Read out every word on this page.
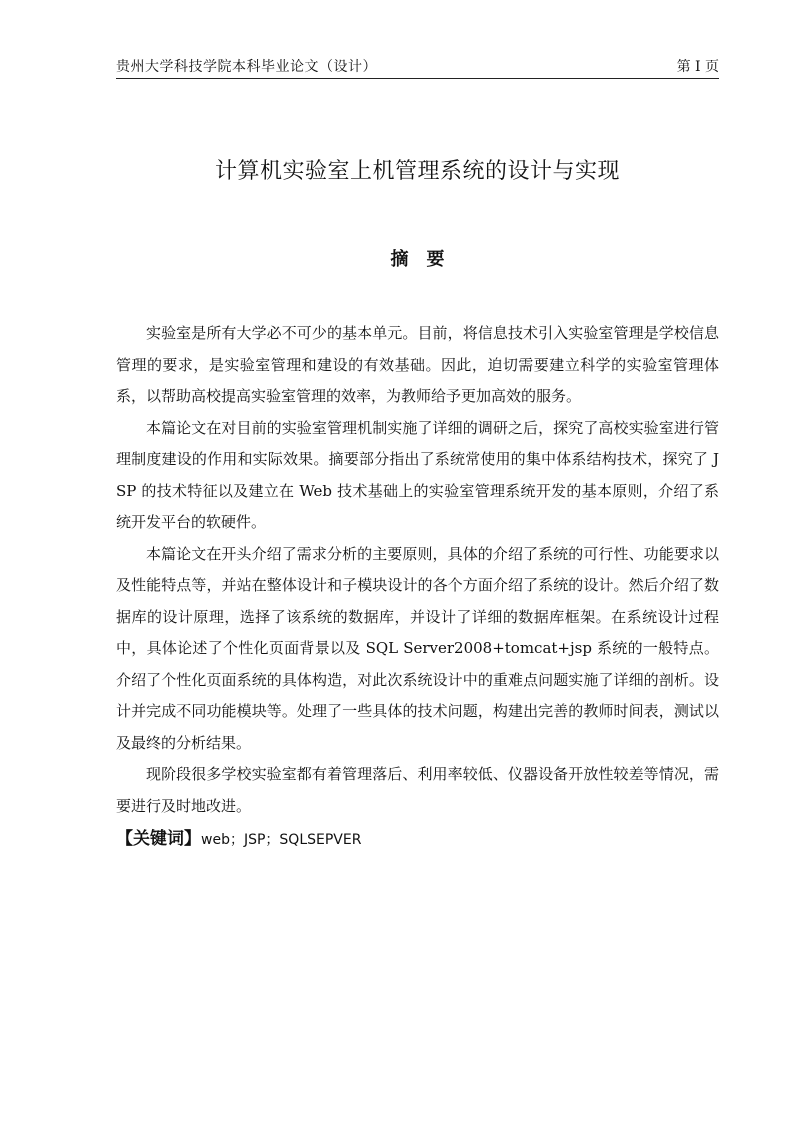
贵州大学科技学院本科毕业论文（设计）	第 I 页
计算机实验室上机管理系统的设计与实现
摘要

实验室是所有大学必不可少的基本单元。目前，将信息技术引入实验室管理是学校信息管理的要求，是实验室管理和建设的有效基础。因此，迫切需要建立科学的实验室管理体系，以帮助高校提高实验室管理的效率，为教师给予更加高效的服务。

本篇论文在对目前的实验室管理机制实施了详细的调研之后，探究了高校实验室进行管理制度建设的作用和实际效果。摘要部分指出了系统常使用的集中体系结构技术，探究了 JSP 的技术特征以及建立在 Web 技术基础上的实验室管理系统开发的基本原则，介绍了系统开发平台的软硬件。

本篇论文在开头介绍了需求分析的主要原则，具体的介绍了系统的可行性、功能要求以及性能特点等，并站在整体设计和子模块设计的各个方面介绍了系统的设计。然后介绍了数据库的设计原理，选择了该系统的数据库，并设计了详细的数据库框架。在系统设计过程中，具体论述了个性化页面背景以及 SQL Server2008+tomcat+jsp 系统的一般特点。介绍了个性化页面系统的具体构造，对此次系统设计中的重难点问题实施了详细的剖析。设计并完成不同功能模块等。处理了一些具体的技术问题，构建出完善的教师时间表，测试以及最终的分析结果。

现阶段很多学校实验室都有着管理落后、利用率较低、仪器设备开放性较差等情况，需要进行及时地改进。

【关键词】web；JSP；SQLSEPVER
